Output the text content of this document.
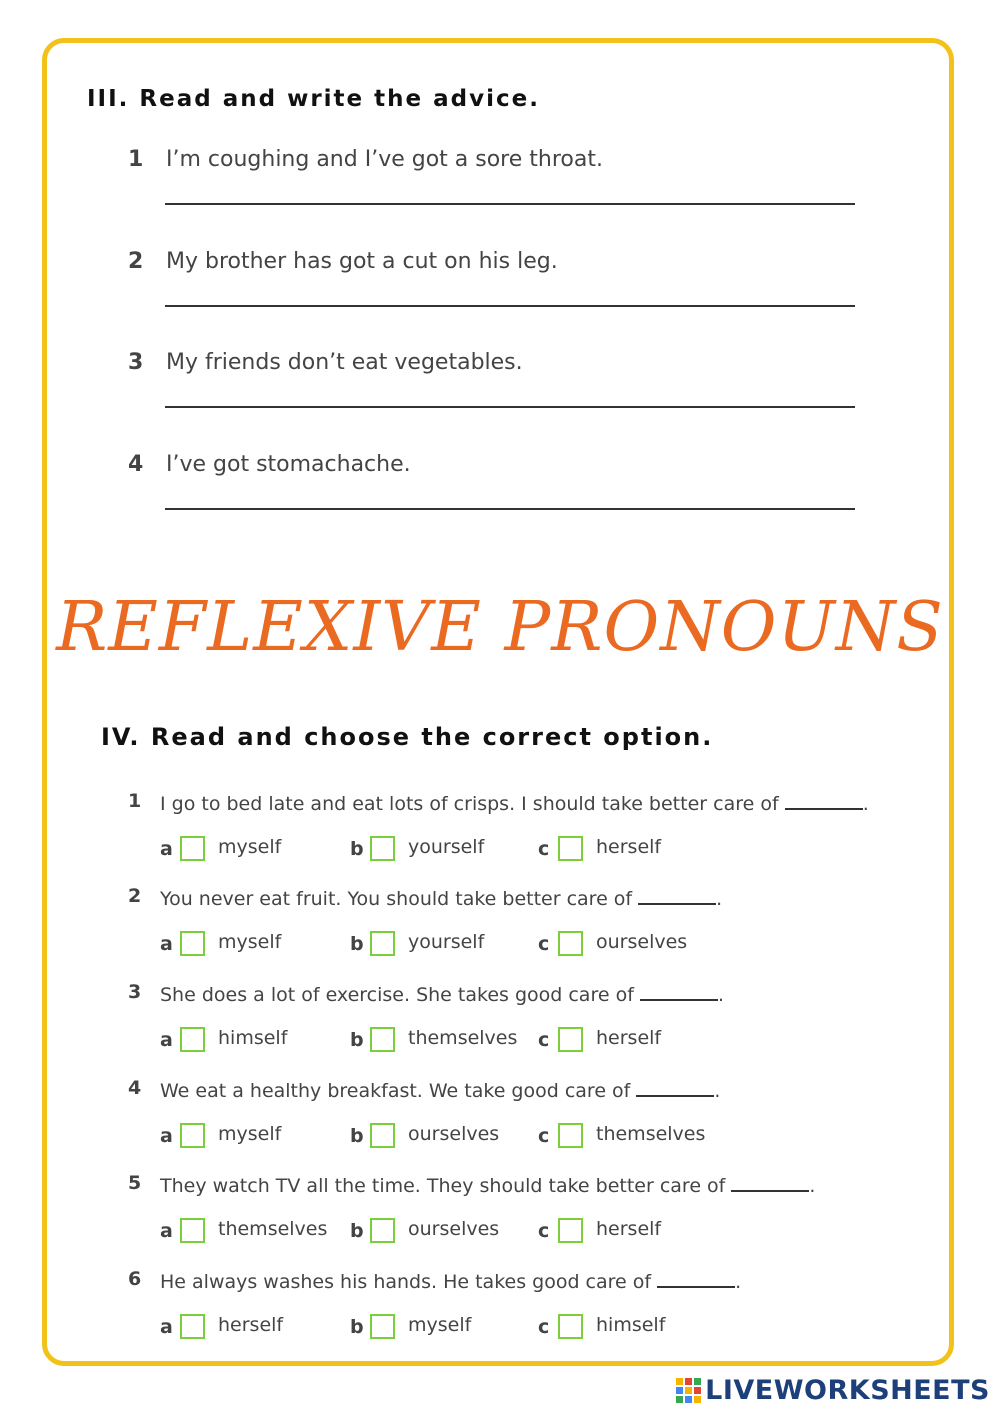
III. Read and write the advice.
1 I’m coughing and I’ve got a sore throat.
2 My brother has got a cut on his leg.
3 My friends don’t eat vegetables.
4 I’ve got stomachache.
REFLEXIVE PRONOUNS
IV. Read and choose the correct option.
1 I go to bed late and eat lots of crisps. I should take better care of	.
a myself	b yourself	c herself
2 You never eat fruit. You should take better care of	.
a myself	b yourself	c ourselves
3 She does a lot of exercise. She takes good care of	.
a himself	b themselves c herself
4 We eat a healthy breakfast. We take good care of	.
a myself	b ourselves c themselves
5 They watch TV all the time. They should take better care of	.
a themselves b ourselves c herself
6 He always washes his hands. He takes good care of	.
a herself	b myself	c himself
LIVEWORKSHEETS
